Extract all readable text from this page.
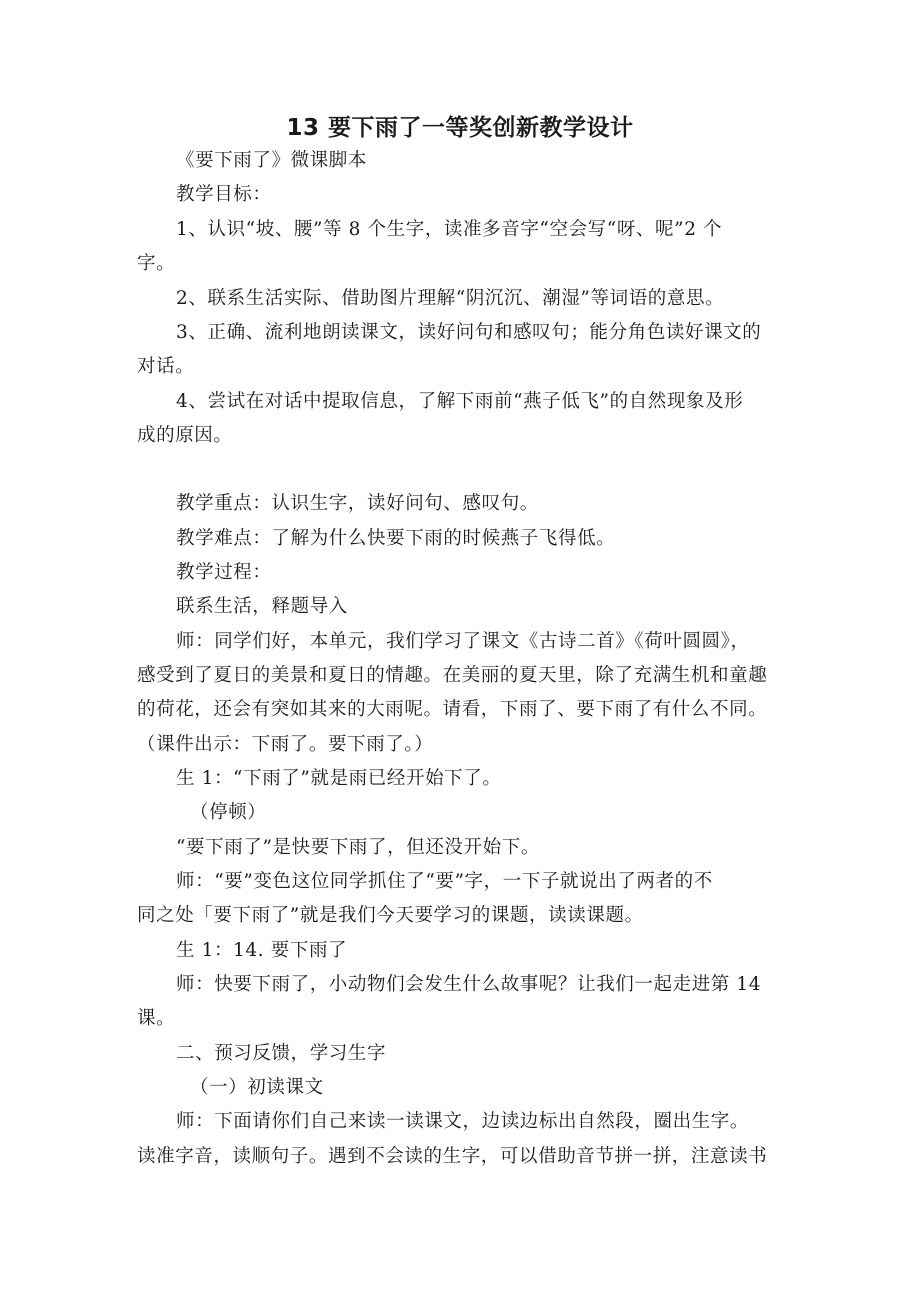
13 要下雨了一等奖创新教学设计
《要下雨了》微课脚本
教学目标：
1、认识“坡、腰”等 8 个生字，读准多音字“空会写“呀、呢”2 个
字。
2、联系生活实际、借助图片理解“阴沉沉、潮湿”等词语的意思。
3、正确、流利地朗读课文，读好问句和感叹句；能分角色读好课文的
对话。
4、尝试在对话中提取信息，了解下雨前“燕子低飞”的自然现象及形
成的原因。
教学重点：认识生字，读好问句、感叹句。
教学难点：了解为什么快要下雨的时候燕子飞得低。
教学过程：
联系生活，释题导入
师：同学们好，本单元，我们学习了课文《古诗二首》《荷叶圆圆》，
感受到了夏日的美景和夏日的情趣。在美丽的夏天里，除了充满生机和童趣
的荷花，还会有突如其来的大雨呢。请看，下雨了、要下雨了有什么不同。
（课件出示：下雨了。要下雨了。）
生 1：“下雨了”就是雨已经开始下了。
（停顿）
“要下雨了”是快要下雨了，但还没开始下。
师：“要”变色这位同学抓住了“要”字，一下子就说出了两者的不
同之处「要下雨了”就是我们今天要学习的课题，读读课题。
生 1：14. 要下雨了
师：快要下雨了，小动物们会发生什么故事呢？让我们一起走进第 14
课。
二、预习反馈，学习生字
（一）初读课文
师：下面请你们自己来读一读课文，边读边标出自然段，圈出生字。
读准字音，读顺句子。遇到不会读的生字，可以借助音节拼一拼，注意读书
